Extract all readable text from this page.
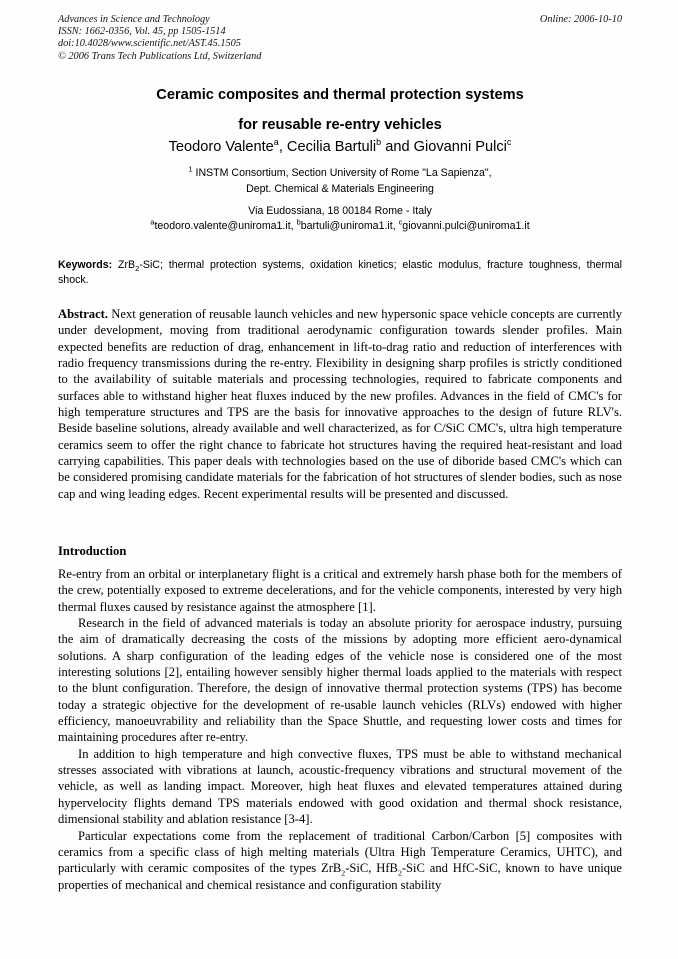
Advances in Science and Technology
ISSN: 1662-0356, Vol. 45, pp 1505-1514
doi:10.4028/www.scientific.net/AST.45.1505
© 2006 Trans Tech Publications Ltd, Switzerland
Online: 2006-10-10
Ceramic composites and thermal protection systems
for reusable re-entry vehicles
Teodoro Valente$^a$, Cecilia Bartuli$^b$ and Giovanni Pulci$^c$
$^1$ INSTM Consortium, Section University of Rome "La Sapienza",
Dept. Chemical & Materials Engineering
Via Eudossiana, 18 00184 Rome - Italy
$^a$teodoro.valente@uniroma1.it, $^b$bartuli@uniroma1.it, $^c$giovanni.pulci@uniroma1.it
Keywords: ZrB$_2$-SiC; thermal protection systems, oxidation kinetics; elastic modulus, fracture toughness, thermal shock.
Abstract. Next generation of reusable launch vehicles and new hypersonic space vehicle concepts are currently under development, moving from traditional aerodynamic configuration towards slender profiles. Main expected benefits are reduction of drag, enhancement in lift-to-drag ratio and reduction of interferences with radio frequency transmissions during the re-entry. Flexibility in designing sharp profiles is strictly conditioned to the availability of suitable materials and processing technologies, required to fabricate components and surfaces able to withstand higher heat fluxes induced by the new profiles. Advances in the field of CMC's for high temperature structures and TPS are the basis for innovative approaches to the design of future RLV's. Beside baseline solutions, already available and well characterized, as for C/SiC CMC's, ultra high temperature ceramics seem to offer the right chance to fabricate hot structures having the required heat-resistant and load carrying capabilities. This paper deals with technologies based on the use of diboride based CMC's which can be considered promising candidate materials for the fabrication of hot structures of slender bodies, such as nose cap and wing leading edges. Recent experimental results will be presented and discussed.
Introduction

Re-entry from an orbital or interplanetary flight is a critical and extremely harsh phase both for the members of the crew, potentially exposed to extreme decelerations, and for the vehicle components, interested by very high thermal fluxes caused by resistance against the atmosphere [1].

Research in the field of advanced materials is today an absolute priority for aerospace industry, pursuing the aim of dramatically decreasing the costs of the missions by adopting more efficient aero-dynamical solutions. A sharp configuration of the leading edges of the vehicle nose is considered one of the most interesting solutions [2], entailing however sensibly higher thermal loads applied to the materials with respect to the blunt configuration. Therefore, the design of innovative thermal protection systems (TPS) has become today a strategic objective for the development of re-usable launch vehicles (RLVs) endowed with higher efficiency, manoeuvrability and reliability than the Space Shuttle, and requesting lower costs and times for maintaining procedures after re-entry.

In addition to high temperature and high convective fluxes, TPS must be able to withstand mechanical stresses associated with vibrations at launch, acoustic-frequency vibrations and structural movement of the vehicle, as well as landing impact. Moreover, high heat fluxes and elevated temperatures attained during hypervelocity flights demand TPS materials endowed with good oxidation and thermal shock resistance, dimensional stability and ablation resistance [3-4].

Particular expectations come from the replacement of traditional Carbon/Carbon [5] composites with ceramics from a specific class of high melting materials (Ultra High Temperature Ceramics, UHTC), and particularly with ceramic composites of the types ZrB$_2$-SiC, HfB$_2$-SiC and HfC-SiC, known to have unique properties of mechanical and chemical resistance and configuration stability
